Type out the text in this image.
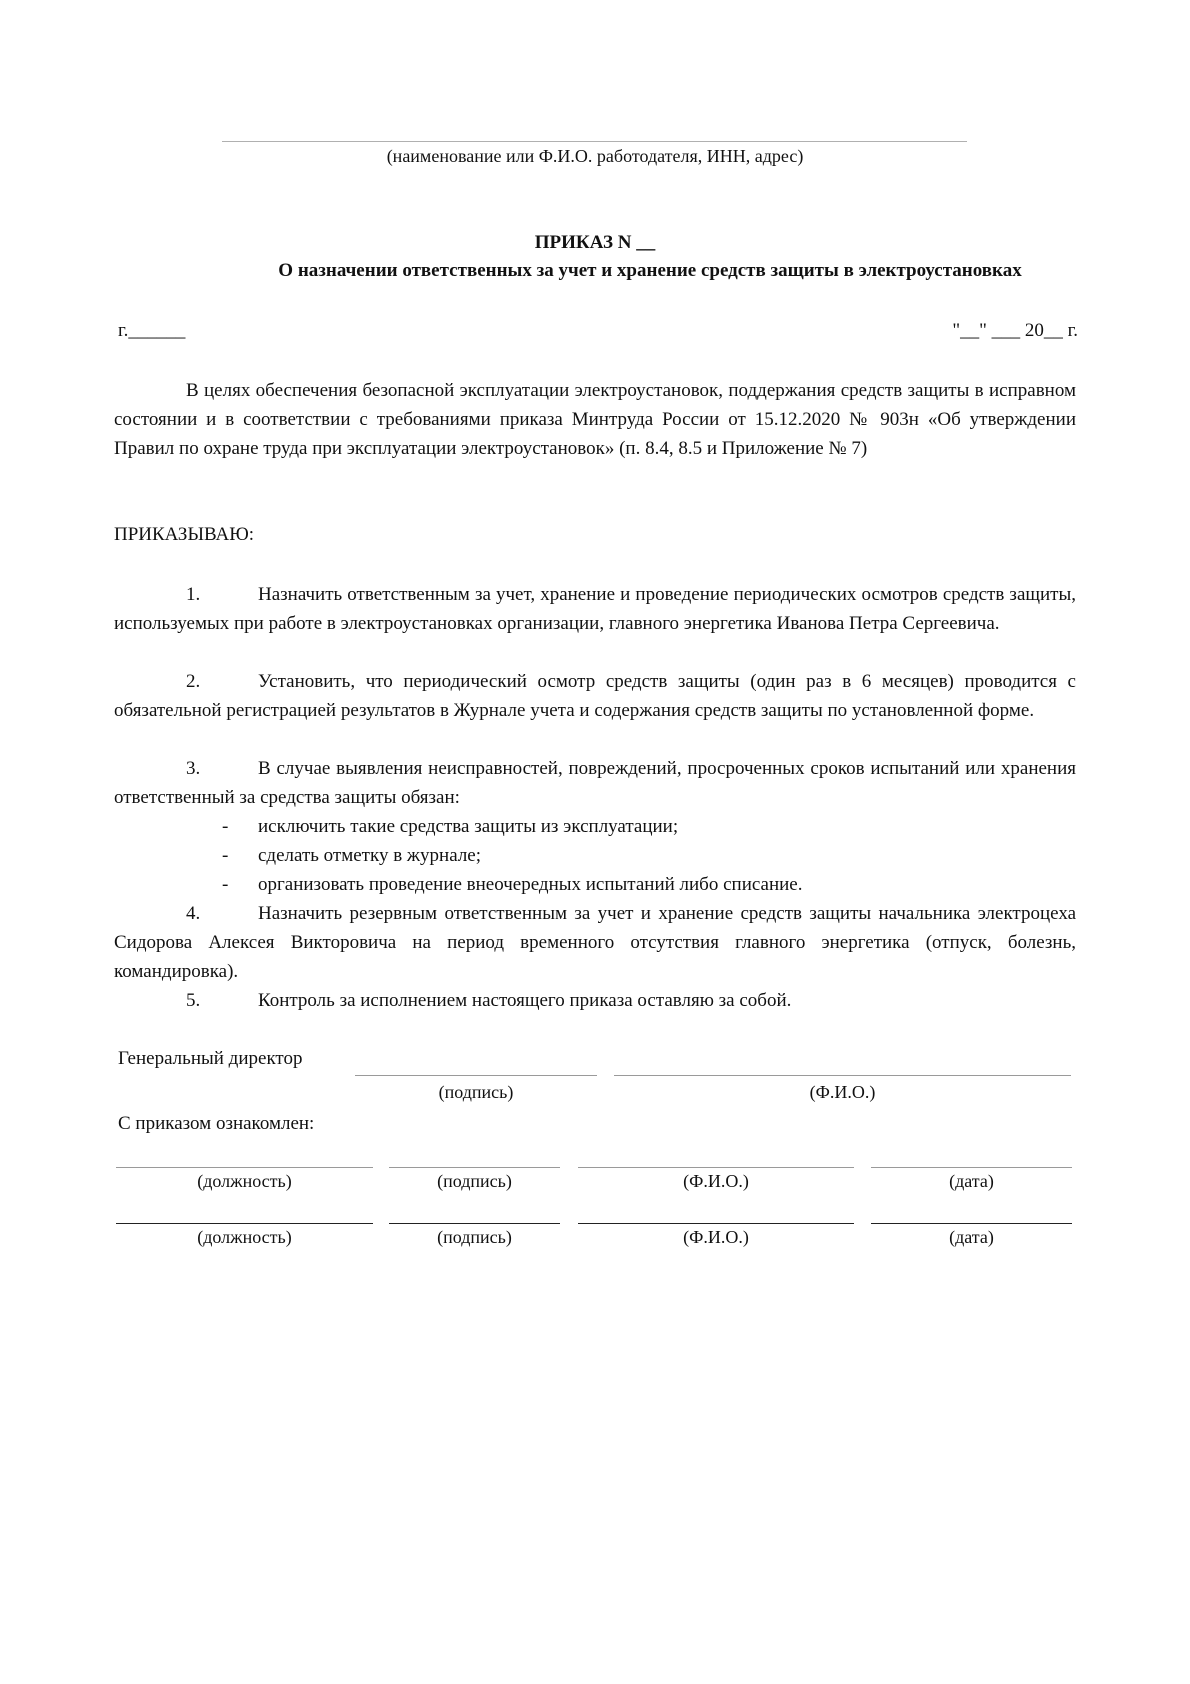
(наименование или Ф.И.О. работодателя, ИНН, адрес)
ПРИКАЗ N __
О назначении ответственных за учет и хранение средств защиты в электроустановках
г.______	"__" ___ 20__ г.
В целях обеспечения безопасной эксплуатации электроустановок, поддержания средств защиты в исправном состоянии и в соответствии с требованиями приказа Минтруда России от 15.12.2020 № 903н «Об утверждении Правил по охране труда при эксплуатации электроустановок» (п. 8.4, 8.5 и Приложение № 7)
ПРИКАЗЫВАЮ:
1.	Назначить ответственным за учет, хранение и проведение периодических осмотров средств защиты, используемых при работе в электроустановках организации, главного энергетика Иванова Петра Сергеевича.
2.	Установить, что периодический осмотр средств защиты (один раз в 6 месяцев) проводится с обязательной регистрацией результатов в Журнале учета и содержания средств защиты по установленной форме.
3.	В случае выявления неисправностей, повреждений, просроченных сроков испытаний или хранения ответственный за средства защиты обязан:
- исключить такие средства защиты из эксплуатации;
- сделать отметку в журнале;
- организовать проведение внеочередных испытаний либо списание.
4.	Назначить резервным ответственным за учет и хранение средств защиты начальника электроцеха Сидорова Алексея Викторовича на период временного отсутствия главного энергетика (отпуск, болезнь, командировка).
5.	Контроль за исполнением настоящего приказа оставляю за собой.
Генеральный директор
(подпись)	(Ф.И.О.)
С приказом ознакомлен:
(должность)	(подпись)	(Ф.И.О.)	(дата)
(должность)	(подпись)	(Ф.И.О.)	(дата)
